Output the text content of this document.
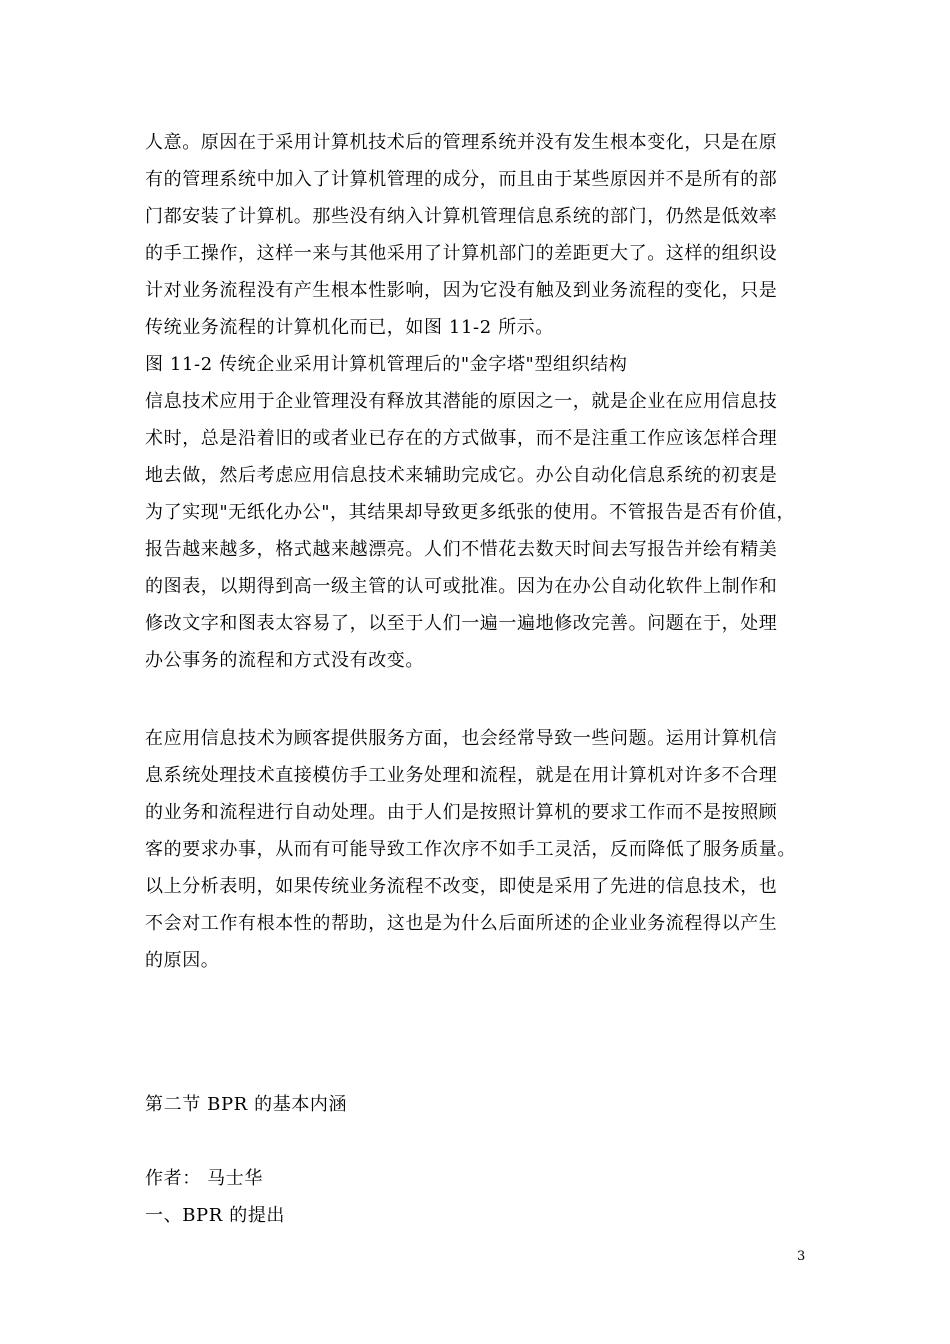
人意。原因在于采用计算机技术后的管理系统并没有发生根本变化，只是在原
有的管理系统中加入了计算机管理的成分，而且由于某些原因并不是所有的部
门都安装了计算机。那些没有纳入计算机管理信息系统的部门，仍然是低效率
的手工操作，这样一来与其他采用了计算机部门的差距更大了。这样的组织设
计对业务流程没有产生根本性影响，因为它没有触及到业务流程的变化，只是
传统业务流程的计算机化而已，如图 11-2 所示。
图 11-2 传统企业采用计算机管理后的"金字塔"型组织结构
信息技术应用于企业管理没有释放其潜能的原因之一，就是企业在应用信息技
术时，总是沿着旧的或者业已存在的方式做事，而不是注重工作应该怎样合理
地去做，然后考虑应用信息技术来辅助完成它。办公自动化信息系统的初衷是
为了实现"无纸化办公"，其结果却导致更多纸张的使用。不管报告是否有价值，
报告越来越多，格式越来越漂亮。人们不惜花去数天时间去写报告并绘有精美
的图表，以期得到高一级主管的认可或批准。因为在办公自动化软件上制作和
修改文字和图表太容易了，以至于人们一遍一遍地修改完善。问题在于，处理
办公事务的流程和方式没有改变。
在应用信息技术为顾客提供服务方面，也会经常导致一些问题。运用计算机信
息系统处理技术直接模仿手工业务处理和流程，就是在用计算机对许多不合理
的业务和流程进行自动处理。由于人们是按照计算机的要求工作而不是按照顾
客的要求办事，从而有可能导致工作次序不如手工灵活，反而降低了服务质量。
以上分析表明，如果传统业务流程不改变，即使是采用了先进的信息技术，也
不会对工作有根本性的帮助，这也是为什么后面所述的企业业务流程得以产生
的原因。
第二节 BPR 的基本内涵
作者： 马士华
一、BPR 的提出
3
